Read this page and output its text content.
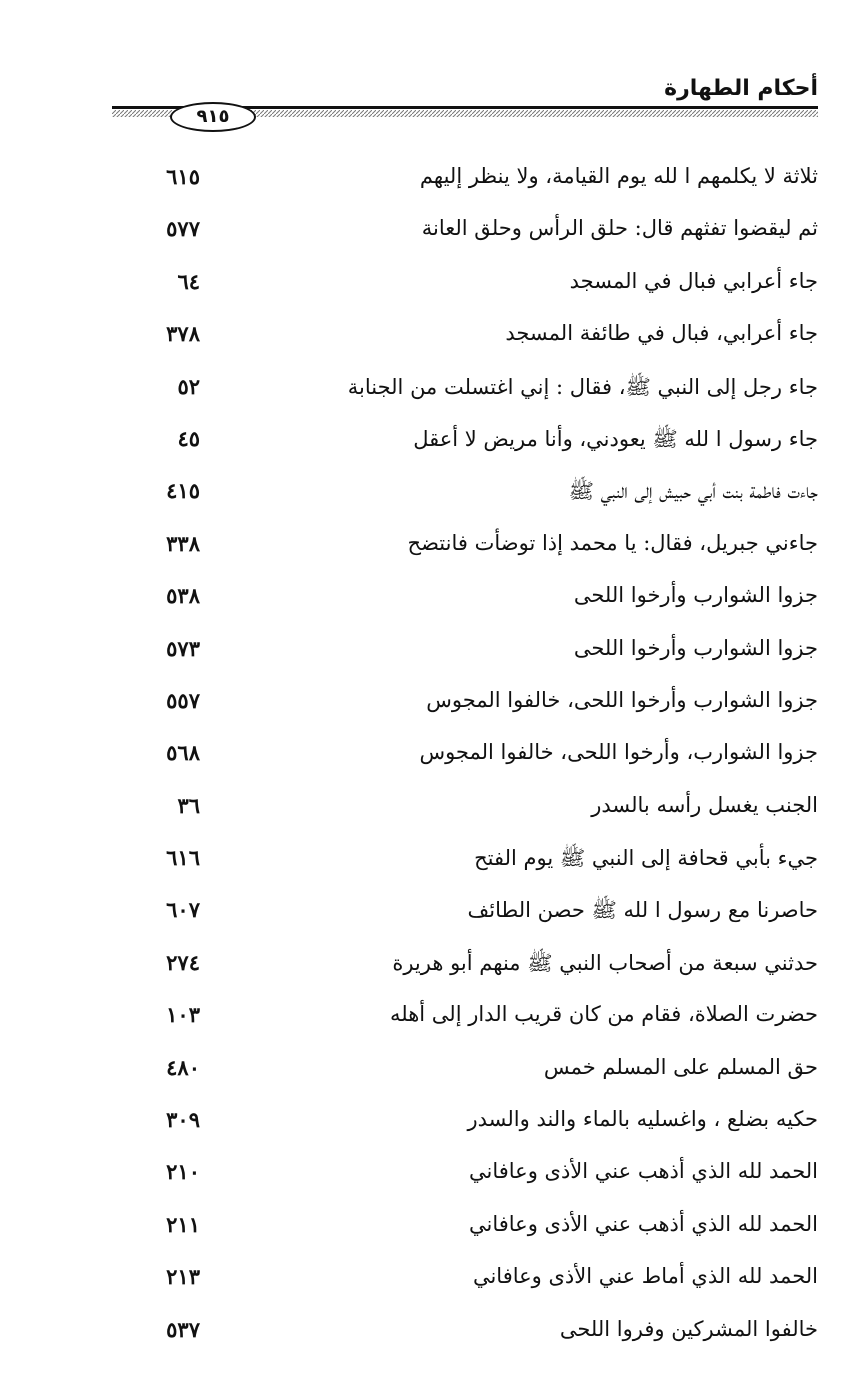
أحكام الطهارة
٩١٥
ثلاثة لا يكلمهم ا لله يوم القيامة، ولا ينظر إليهم
٦١٥
ثم ليقضوا تفثهم قال: حلق الرأس وحلق العانة
٥٧٧
جاء أعرابي فبال في المسجد
٦٤
جاء أعرابي، فبال في طائفة المسجد
٣٧٨
جاء رجل إلى النبي ﷺ، فقال : إني اغتسلت من الجنابة
٥٢
جاء رسول ا لله ﷺ يعودني، وأنا مريض لا أعقل
٤٥
جاءت فاطمة بنت أبي حبيش إلى النبي ﷺ
٤١٥
جاءني جبريل، فقال: يا محمد إذا توضأت فانتضح
٣٣٨
جزوا الشوارب وأرخوا اللحى
٥٣٨
جزوا الشوارب وأرخوا اللحى
٥٧٣
جزوا الشوارب وأرخوا اللحى، خالفوا المجوس
٥٥٧
جزوا الشوارب، وأرخوا اللحى، خالفوا المجوس
٥٦٨
الجنب يغسل رأسه بالسدر
٣٦
جيء بأبي قحافة إلى النبي ﷺ يوم الفتح
٦١٦
حاصرنا مع رسول ا لله ﷺ حصن الطائف
٦٠٧
حدثني سبعة من أصحاب النبي ﷺ منهم أبو هريرة
٢٧٤
حضرت الصلاة، فقام من كان قريب الدار إلى أهله
١٠٣
حق المسلم على المسلم خمس
٤٨٠
حكيه بضلع ، واغسليه بالماء والند والسدر
٣٠٩
الحمد لله الذي أذهب عني الأذى وعافاني
٢١٠
الحمد لله الذي أذهب عني الأذى وعافاني
٢١١
الحمد لله الذي أماط عني الأذى وعافاني
٢١٣
خالفوا المشركين وفروا اللحى
٥٣٧
